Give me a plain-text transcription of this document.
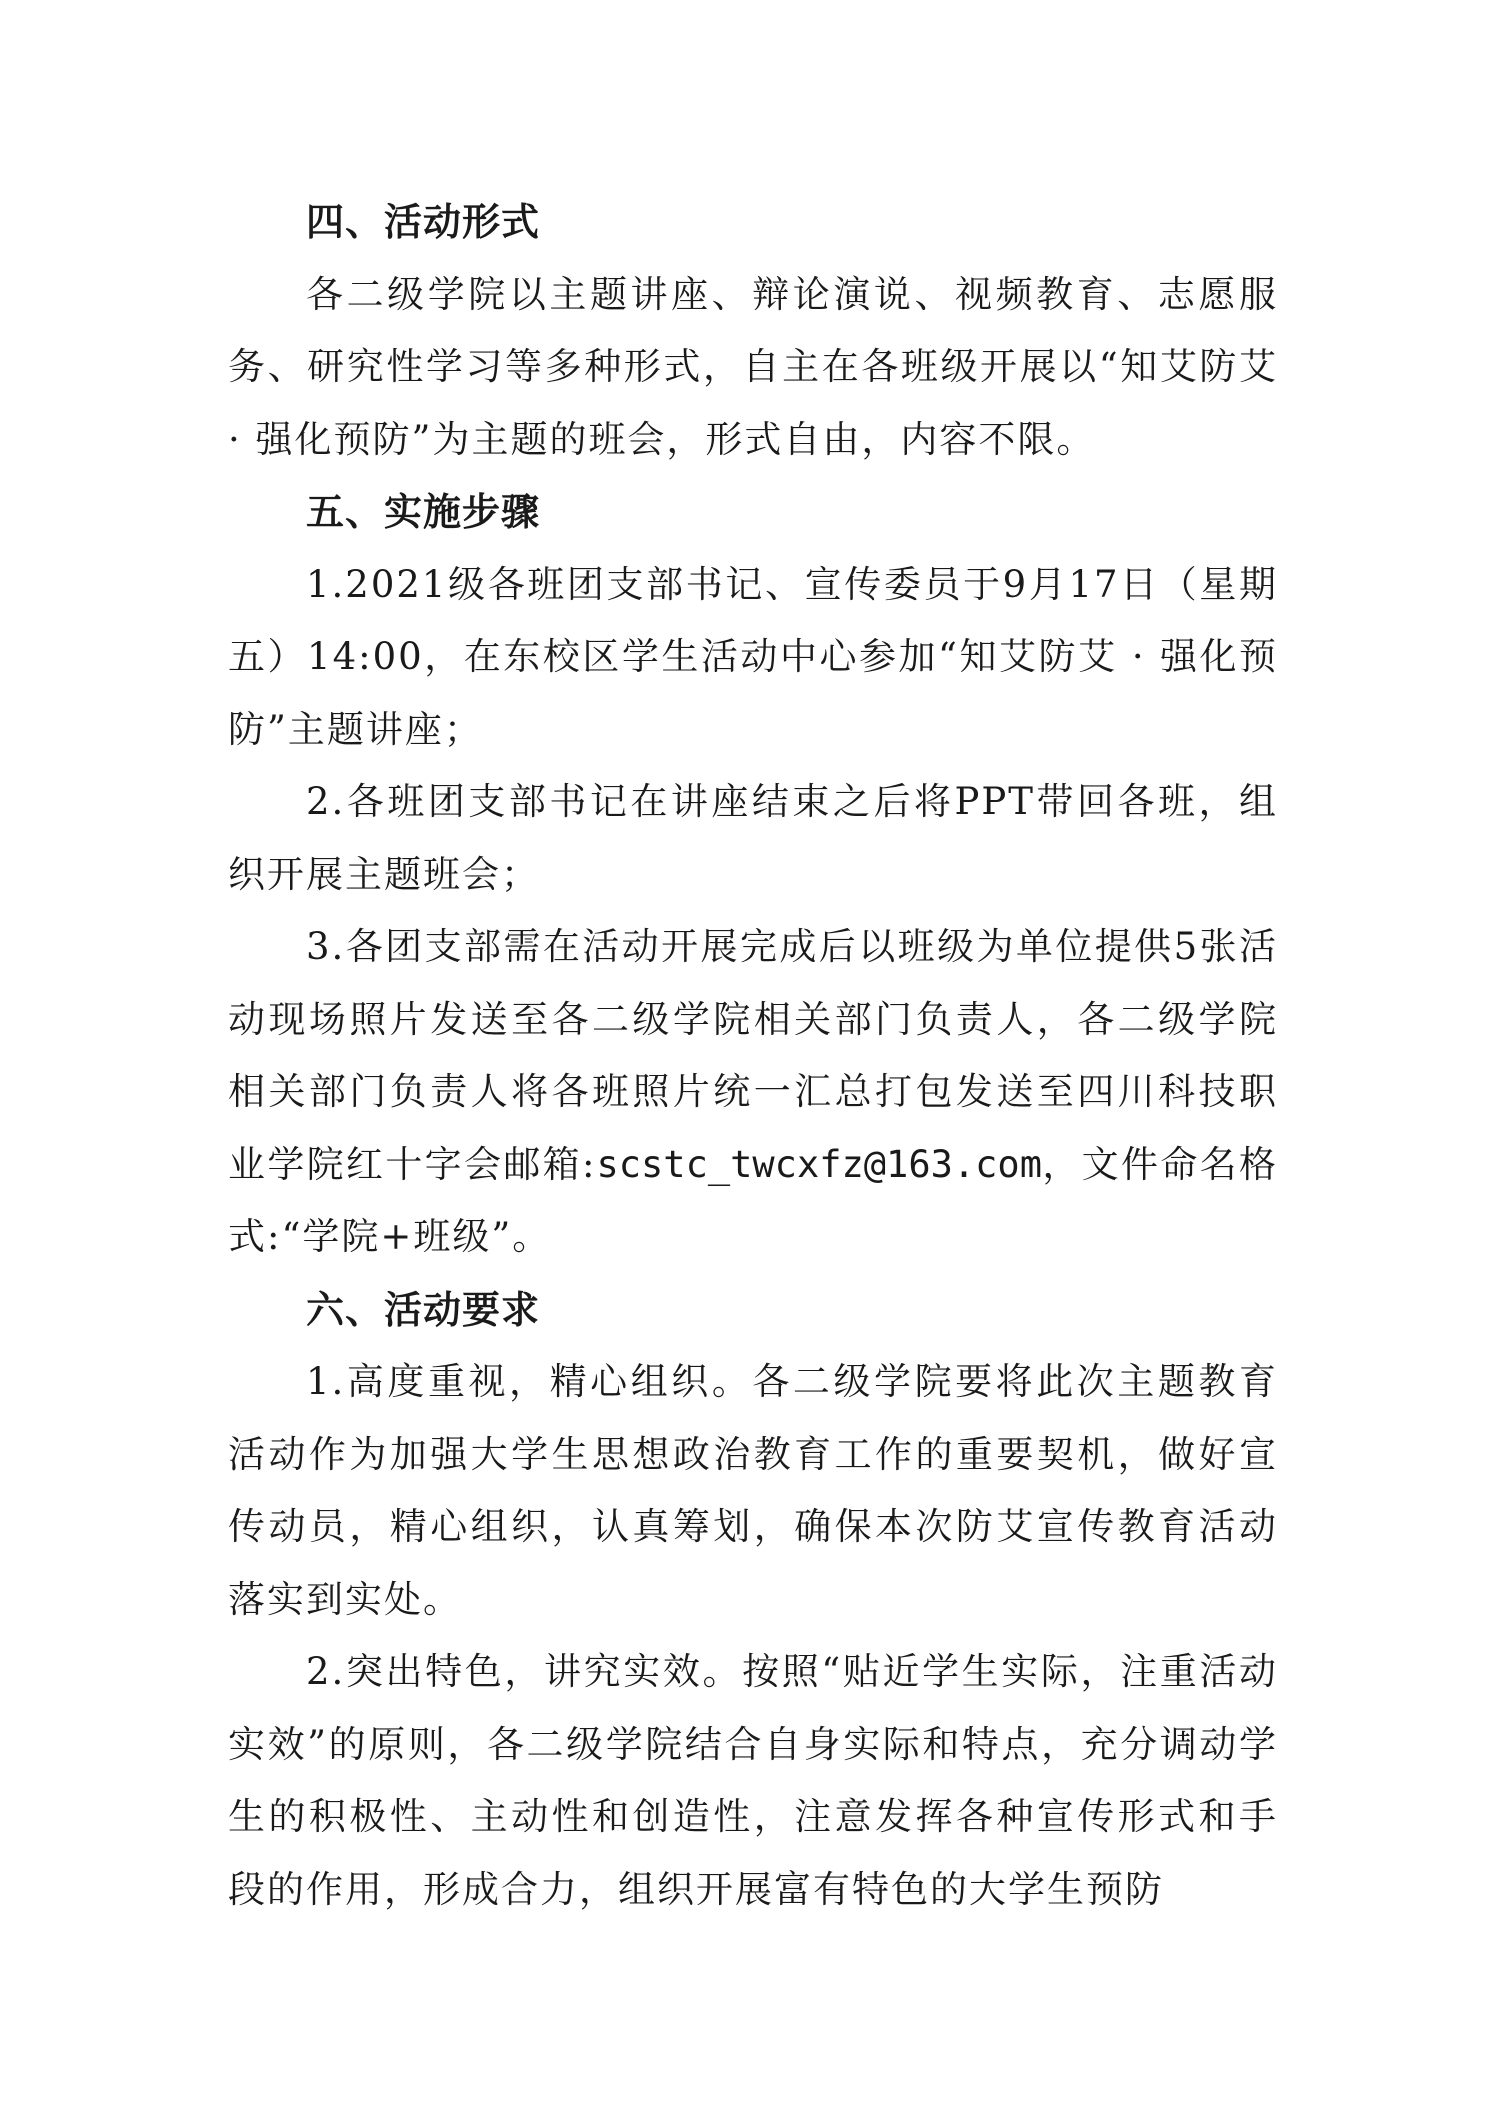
四、活动形式

各二级学院以主题讲座、辩论演说、视频教育、志愿服务、研究性学习等多种形式，自主在各班级开展以“知艾防艾 · 强化预防”为主题的班会，形式自由，内容不限。

五、实施步骤

1.2021级各班团支部书记、宣传委员于9月17日（星期五）14:00，在东校区学生活动中心参加“知艾防艾 · 强化预防”主题讲座；

2.各班团支部书记在讲座结束之后将PPT带回各班，组织开展主题班会；

3.各团支部需在活动开展完成后以班级为单位提供5张活动现场照片发送至各二级学院相关部门负责人，各二级学院相关部门负责人将各班照片统一汇总打包发送至四川科技职业学院红十字会邮箱:scstc_twcxfz@163.com，文件命名格式:“学院+班级”。

六、活动要求

1.高度重视，精心组织。各二级学院要将此次主题教育活动作为加强大学生思想政治教育工作的重要契机，做好宣传动员，精心组织，认真筹划，确保本次防艾宣传教育活动落实到实处。

2.突出特色，讲究实效。按照“贴近学生实际，注重活动实效”的原则，各二级学院结合自身实际和特点，充分调动学生的积极性、主动性和创造性，注意发挥各种宣传形式和手段的作用，形成合力，组织开展富有特色的大学生预防
